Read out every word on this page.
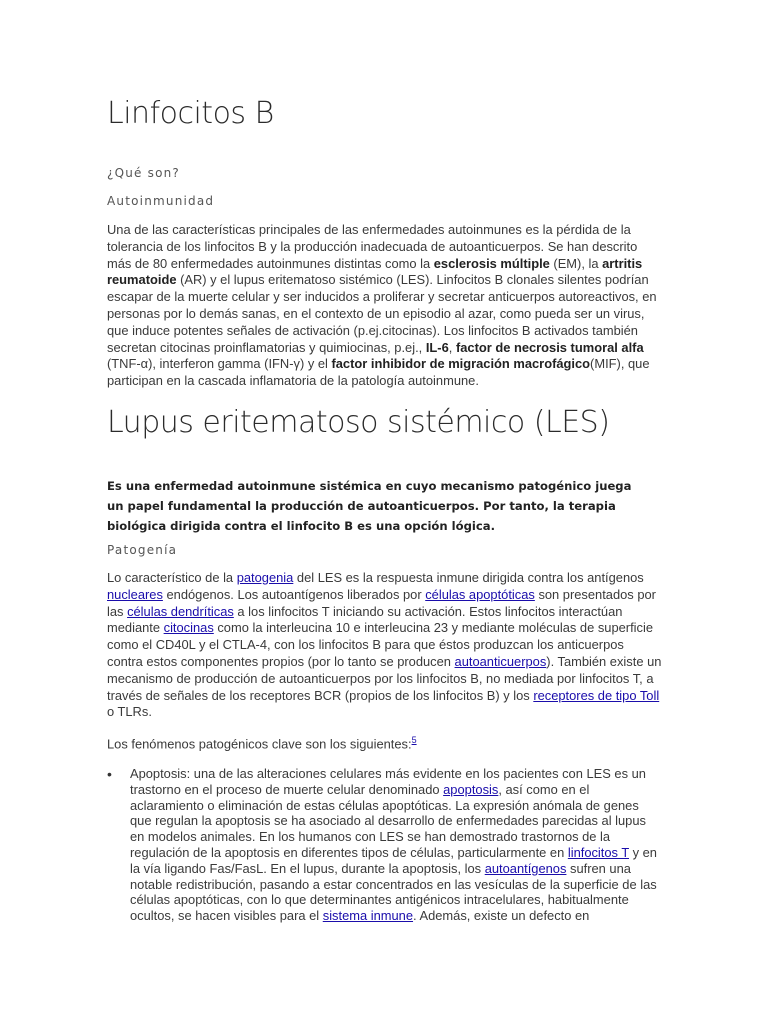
Linfocitos B
¿Qué son?
Autoinmunidad
Una de las características principales de las enfermedades autoinmunes es la pérdida de la tolerancia de los linfocitos B y la producción inadecuada de autoanticuerpos. Se han descrito más de 80 enfermedades autoinmunes distintas como la esclerosis múltiple (EM), la artritis reumatoide (AR) y el lupus eritematoso sistémico (LES). Linfocitos B clonales silentes podrían escapar de la muerte celular y ser inducidos a proliferar y secretar anticuerpos autoreactivos, en personas por lo demás sanas, en el contexto de un episodio al azar, como pueda ser un virus, que induce potentes señales de activación (p.ej.citocinas). Los linfocitos B activados también secretan citocinas proinflamatorias y quimiocinas, p.ej., IL-6, factor de necrosis tumoral alfa (TNF-α), interferon gamma (IFN-γ) y el factor inhibidor de migración macrofágico(MIF), que participan en la cascada inflamatoria de la patología autoinmune.
Lupus eritematoso sistémico (LES)
Es una enfermedad autoinmune sistémica en cuyo mecanismo patogénico juega un papel fundamental la producción de autoanticuerpos. Por tanto, la terapia biológica dirigida contra el linfocito B es una opción lógica.
Patogenía
Lo característico de la patogenia del LES es la respuesta inmune dirigida contra los antígenos nucleares endógenos. Los autoantígenos liberados por células apoptóticas son presentados por las células dendríticas a los linfocitos T iniciando su activación. Estos linfocitos interactúan mediante citocinas como la interleucina 10 e interleucina 23 y mediante moléculas de superficie como el CD40L y el CTLA-4, con los linfocitos B para que éstos produzcan los anticuerpos contra estos componentes propios (por lo tanto se producen autoanticuerpos). También existe un mecanismo de producción de autoanticuerpos por los linfocitos B, no mediada por linfocitos T, a través de señales de los receptores BCR (propios de los linfocitos B) y los receptores de tipo Toll o TLRs.
Los fenómenos patogénicos clave son los siguientes:$^5$
• Apoptosis: una de las alteraciones celulares más evidente en los pacientes con LES es un trastorno en el proceso de muerte celular denominado apoptosis, así como en el aclaramiento o eliminación de estas células apoptóticas. La expresión anómala de genes que regulan la apoptosis se ha asociado al desarrollo de enfermedades parecidas al lupus en modelos animales. En los humanos con LES se han demostrado trastornos de la regulación de la apoptosis en diferentes tipos de células, particularmente en linfocitos T y en la vía ligando Fas/FasL. En el lupus, durante la apoptosis, los autoantígenos sufren una notable redistribución, pasando a estar concentrados en las vesículas de la superficie de las células apoptóticas, con lo que determinantes antigénicos intracelulares, habitualmente ocultos, se hacen visibles para el sistema inmune. Además, existe un defecto en
